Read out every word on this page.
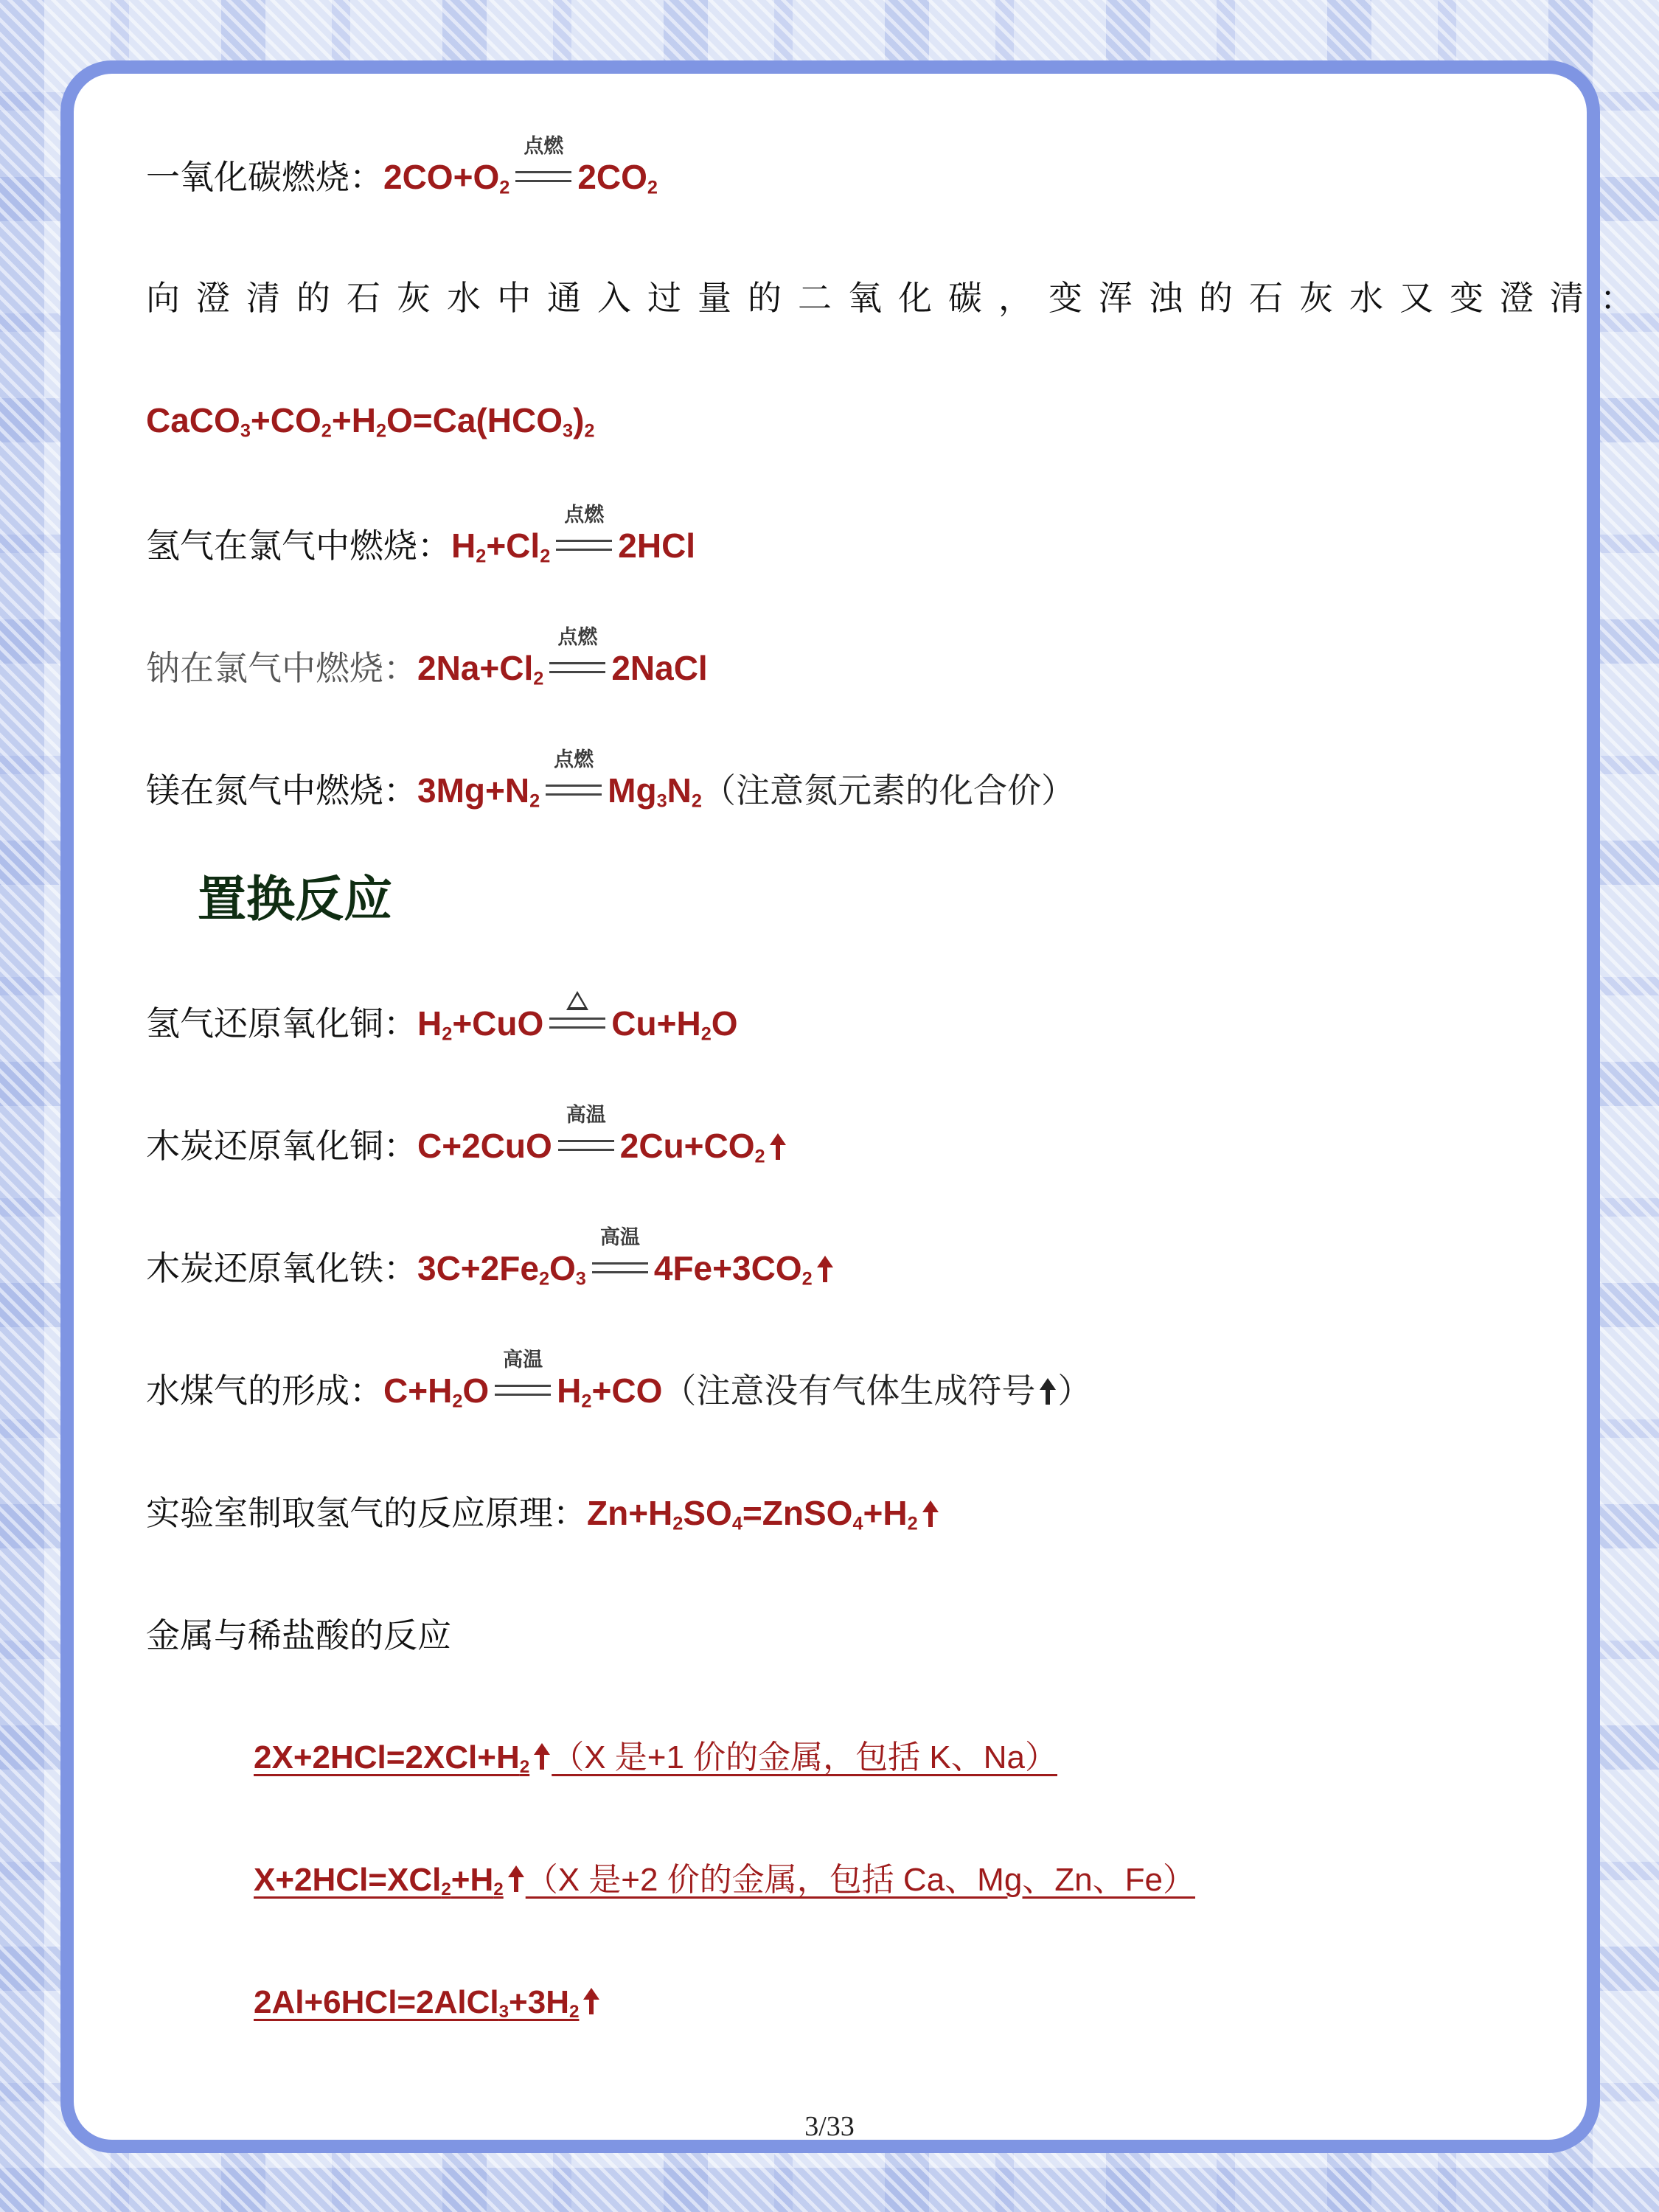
一氧化碳燃烧：$2CO+O_2$
点燃
$2CO_2$
向澄清的石灰水中通入过量的二氧化碳，变浑浊的石灰水又变澄清：
$CaCO_3+CO_2+H_2O=Ca(HCO_3)_2$
氢气在氯气中燃烧：$H_2+Cl_2$
点燃
2HCl
钠在氯气中燃烧：$2Na+Cl_2$
点燃
2NaCl
镁在氮气中燃烧：$3Mg+N_2$
点燃
$Mg_3N_2$（注意氮元素的化合价）
置换反应
氢气还原氧化铜：$H_2+CuO$ $Cu+H_2O$
木炭还原氧化铜：C+2CuO
高温
$2Cu+CO_2$
木炭还原氧化铁：$3C+2Fe_2O_3$
高温
$4Fe+3CO_2$
水煤气的形成：$C+H_2O$
高温
$H_2+CO$（注意没有气体生成符号 ）
实验室制取氢气的反应原理：$Zn+H_2SO_4=ZnSO_4+H_2$
金属与稀盐酸的反应
$2X+2HCl=2XCl+H_2$ （X 是+1 价的金属，包括 K、Na）
$X+2HCl=XCl_2+H_2$ （X 是+2 价的金属，包括 Ca、Mg、Zn、Fe）
$2Al+6HCl=2AlCl_3+3H_2$
3/33
